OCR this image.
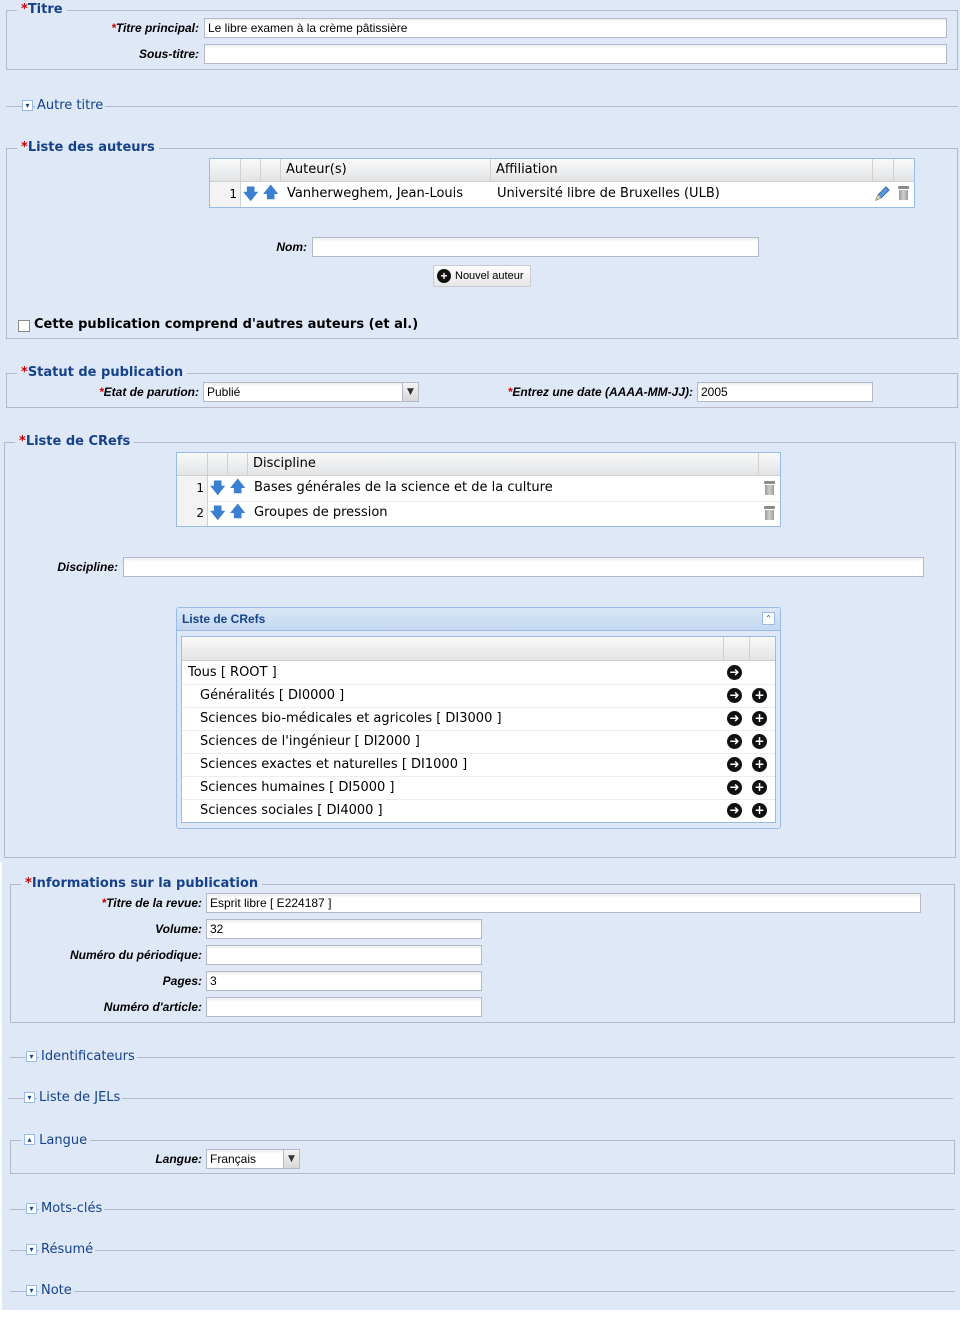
*Titre
*Titre principal: Le libre examen à la crème pâtissière
Sous-titre:
▾ Autre titre
*Liste des auteurs
Auteur(s)	Affiliation
1 🡇 🡅 Vanherweghem, Jean-Louis	Université libre de Bruxelles (ULB)
Nom:
+ Nouvel auteur
Cette publication comprend d'autres auteurs (et al.)
*Statut de publication
*Etat de parution: Publié	▼	*Entrez une date (AAAA-MM-JJ): 2005
*Liste de CRefs
Discipline
1 🡇 🡅 Bases générales de la science et de la culture
2 🡇 🡅 Groupes de pression
Discipline:
Liste de CRefs	⌃
Tous [ ROOT ]	➜
Généralités [ DI0000 ]	➜ +
Sciences bio-médicales et agricoles [ DI3000 ]	➜ +
Sciences de l'ingénieur [ DI2000 ]	➜ +
Sciences exactes et naturelles [ DI1000 ]	➜ +
Sciences humaines [ DI5000 ]	➜ +
Sciences sociales [ DI4000 ]	➜ +
*Informations sur la publication
*Titre de la revue: Esprit libre [ E224187 ]
Volume: 32
Numéro du périodique:
Pages: 3
Numéro d'article:
▾ Identificateurs
▾ Liste de JELs
▴ Langue
Langue: Français	▼
▾ Mots-clés
▾ Résumé
▾ Note
